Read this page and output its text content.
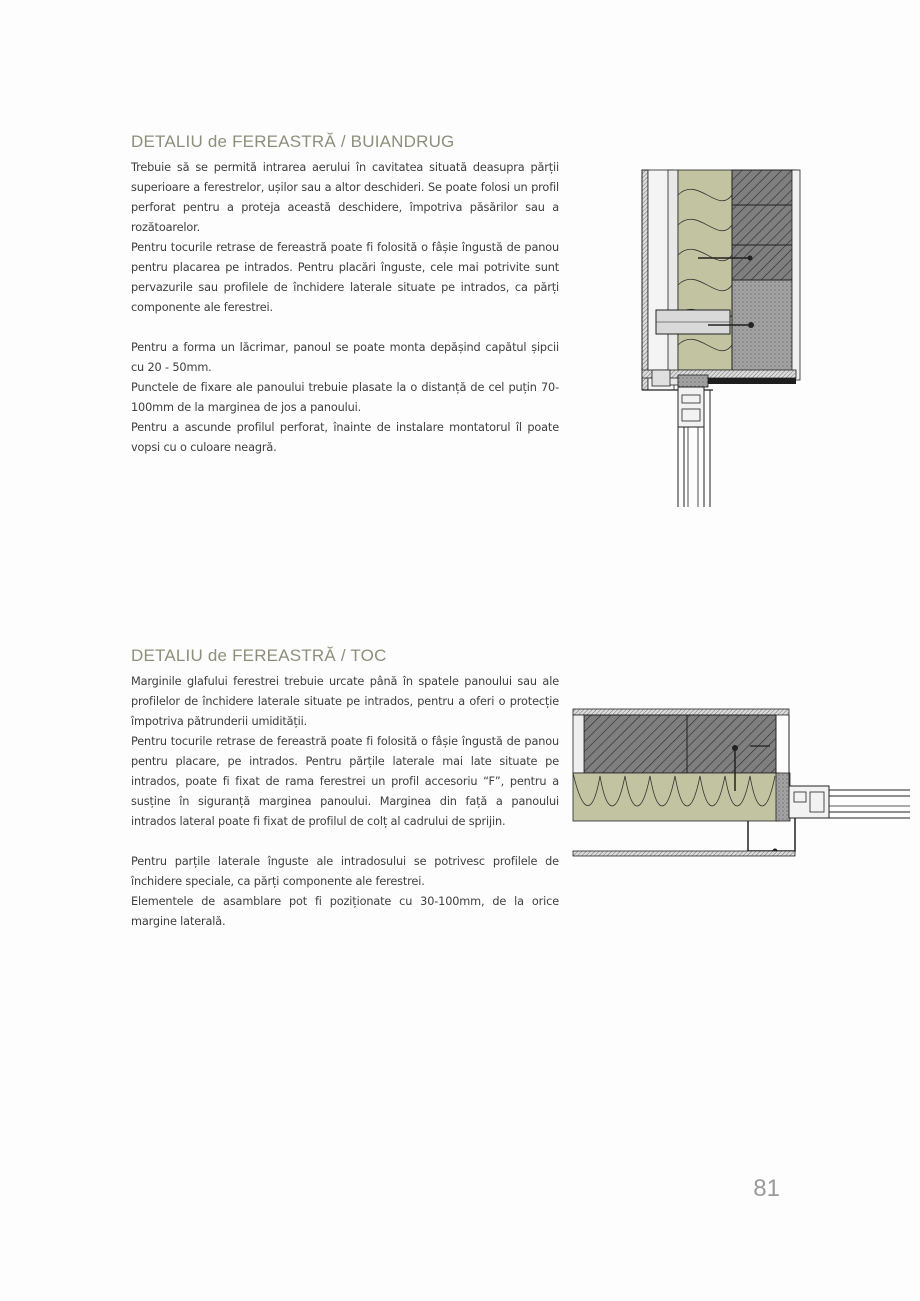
DETALIU de FEREASTRĂ / BUIANDRUG

Trebuie să se permită intrarea aerului în cavitatea situată deasupra părții superioare a ferestrelor, ușilor sau a altor deschideri. Se poate folosi un profil perforat pentru a proteja această deschidere, împotriva păsărilor sau a rozătoarelor.

Pentru tocurile retrase de fereastră poate fi folosită o fâșie îngustă de panou pentru placarea pe intrados. Pentru placări înguste, cele mai potrivite sunt pervazurile sau profilele de închidere laterale situate pe intrados, ca părți componente ale ferestrei.

Pentru a forma un lăcrimar, panoul se poate monta depășind capătul șipcii cu 20 - 50mm.

Punctele de fixare ale panoului trebuie plasate la o distanță de cel puțin 70-100mm de la marginea de jos a panoului.

Pentru a ascunde profilul perforat, înainte de instalare montatorul îl poate vopsi cu o culoare neagră.

DETALIU de FEREASTRĂ / TOC

Marginile glafului ferestrei trebuie urcate până în spatele panoului sau ale profilelor de închidere laterale situate pe intrados, pentru a oferi o protecție împotriva pătrunderii umidității.

Pentru tocurile retrase de fereastră poate fi folosită o fâșie îngustă de panou pentru placare, pe intrados. Pentru părțile laterale mai late situate pe intrados, poate fi fixat de rama ferestrei un profil accesoriu “F”, pentru a susține în siguranță marginea panoului. Marginea din față a panoului intrados lateral poate fi fixat de profilul de colț al cadrului de sprijin.

Pentru parțile laterale înguste ale intradosului se potrivesc profilele de închidere speciale, ca părți componente ale ferestrei.

Elementele de asamblare pot fi poziționate cu 30-100mm, de la orice margine laterală.

81
